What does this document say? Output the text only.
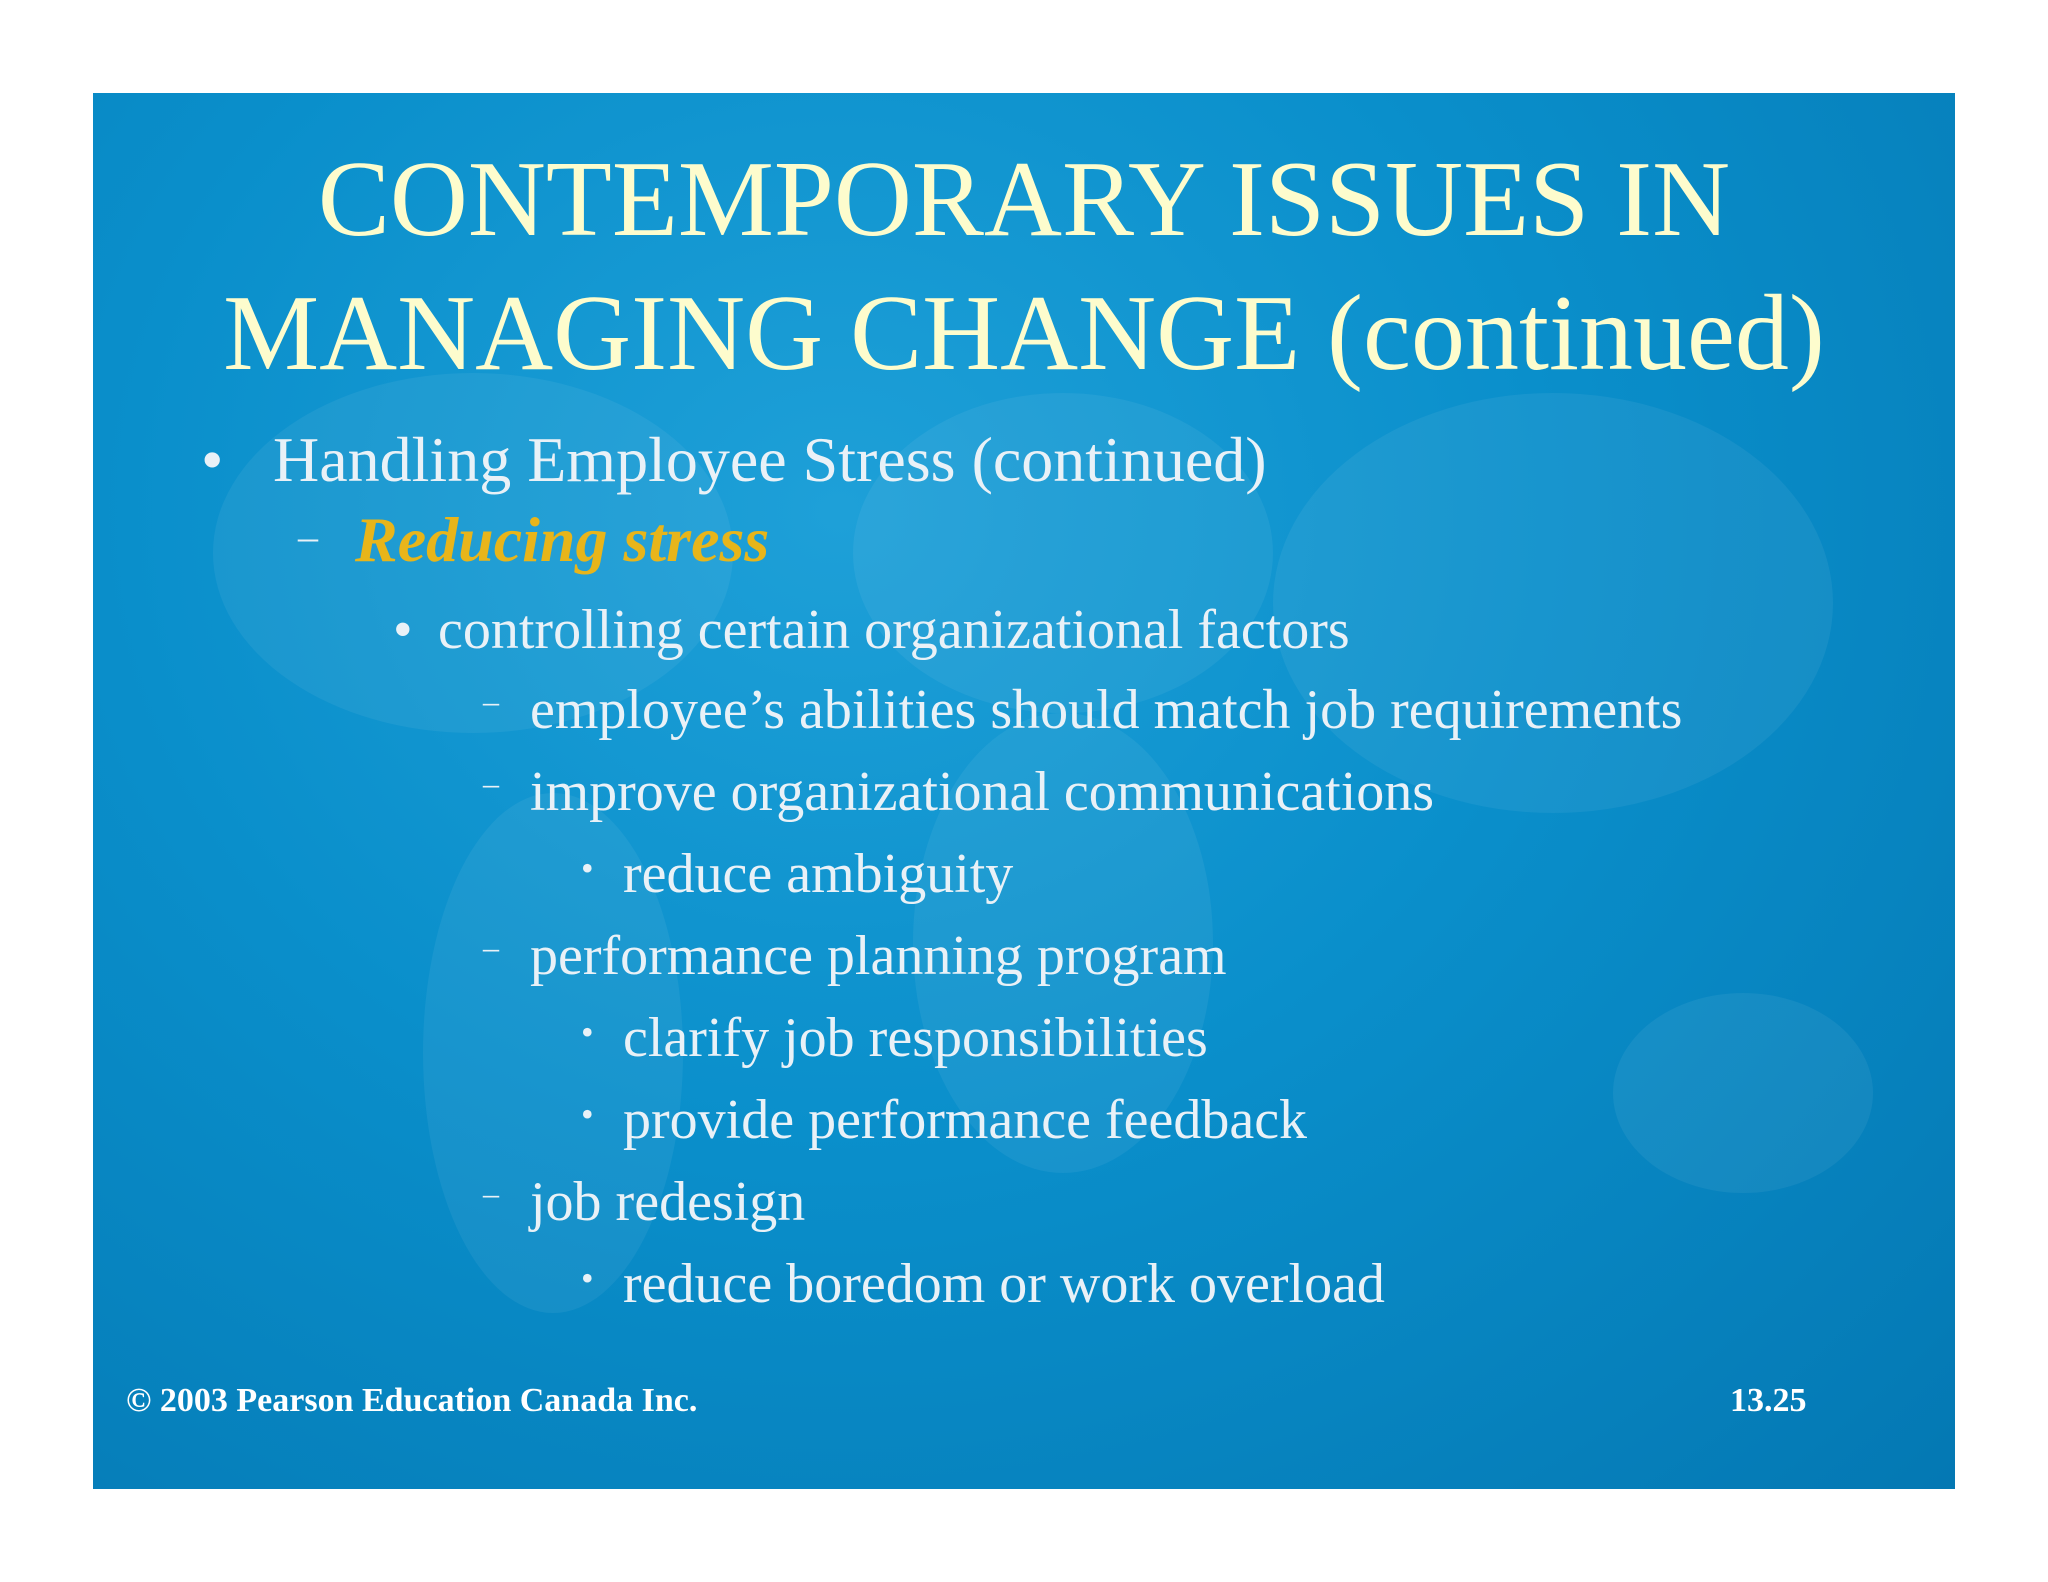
CONTEMPORARY ISSUES IN
MANAGING CHANGE (continued)
• Handling Employee Stress (continued)
– Reducing stress
• controlling certain organizational factors
– employee’s abilities should match job requirements
– improve organizational communications
• reduce ambiguity
– performance planning program
• clarify job responsibilities
• provide performance feedback
– job redesign
• reduce boredom or work overload
© 2003 Pearson Education Canada Inc.	13.25
